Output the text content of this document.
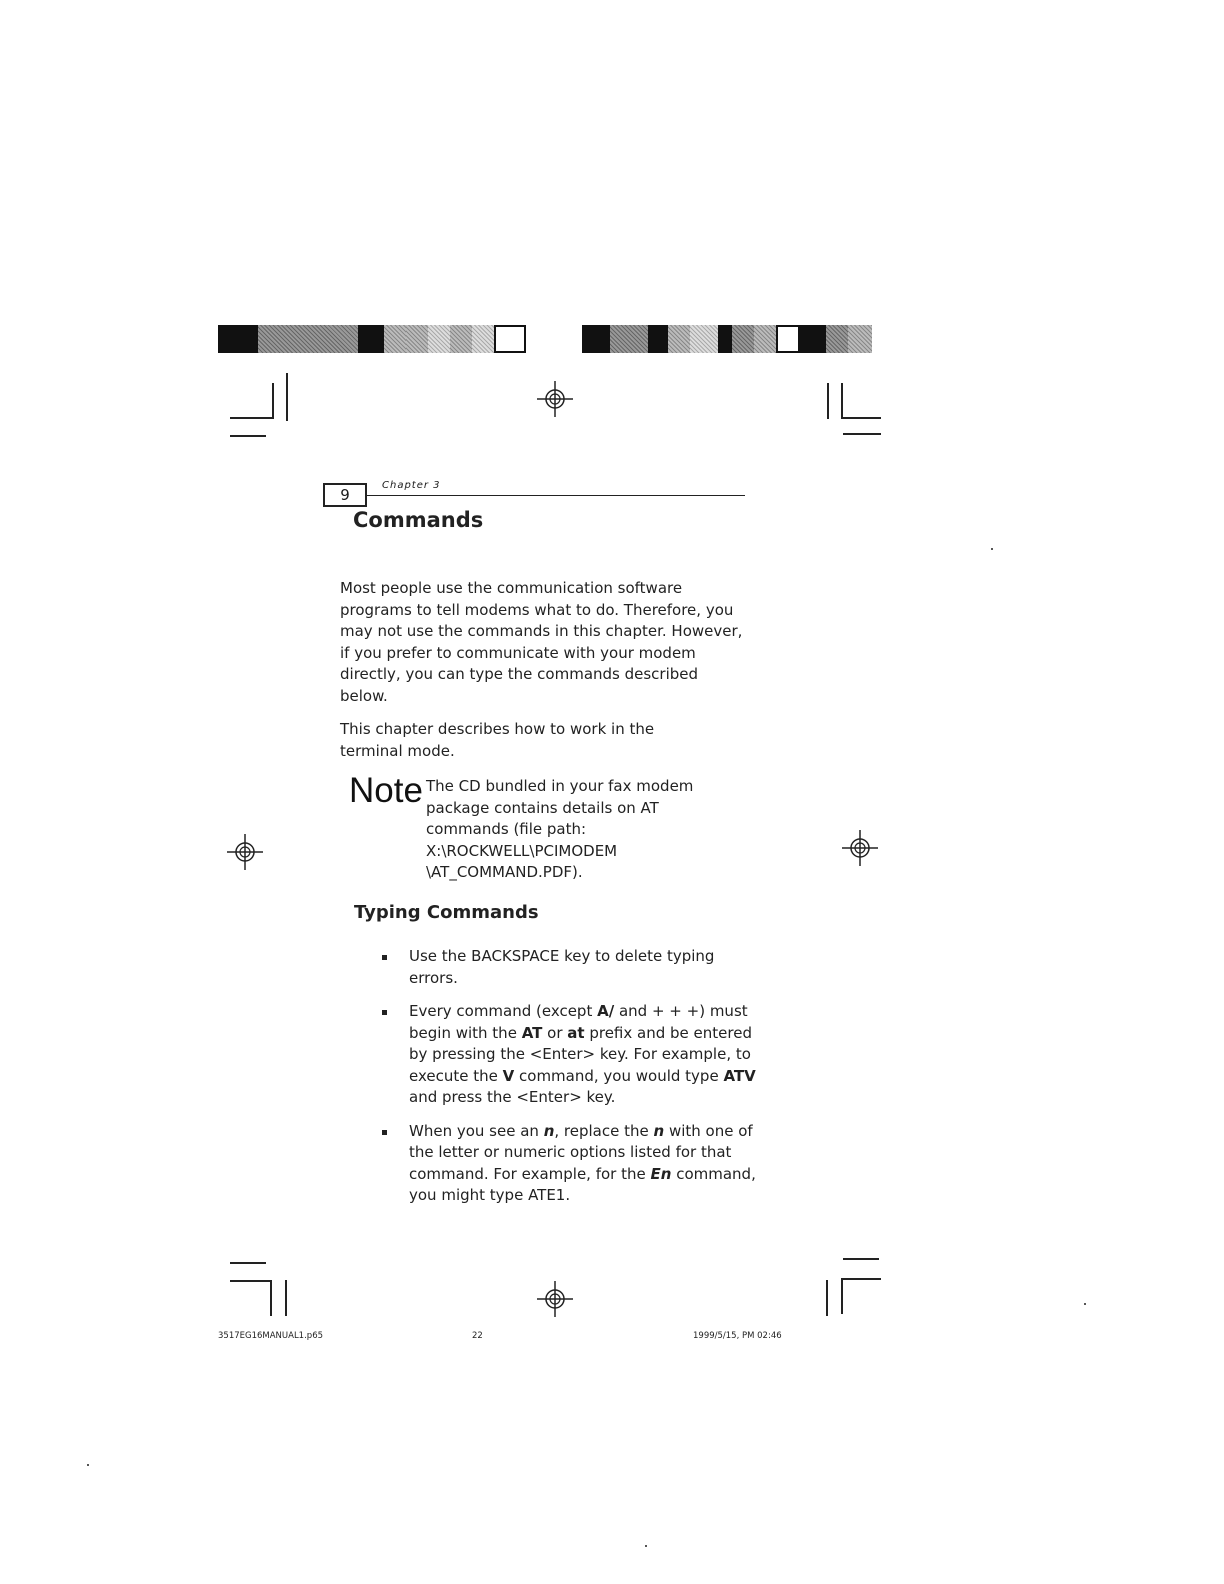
9
Chapter 3
Commands
Most people use the communication software programs to tell modems what to do. Therefore, you may not use the commands in this chapter. However, if you prefer to communicate with your modem directly, you can type the commands described below.
This chapter describes how to work in the terminal mode.
Note The CD bundled in your fax modem
package contains details on AT
commands (file path:
X:\ROCKWELL\PCIMODEM
\AT_COMMAND.PDF).
Typing Commands
Use the BACKSPACE key to delete typing errors.
Every command (except A/ and + + +) must begin with the AT or at prefix and be entered by pressing the <Enter> key. For example, to execute the V command, you would type ATV and press the <Enter> key.
When you see an n, replace the n with one of the letter or numeric options listed for that command. For example, for the En command, you might type ATE1.
3517EG16MANUAL1.p65	22	1999/5/15, PM 02:46
